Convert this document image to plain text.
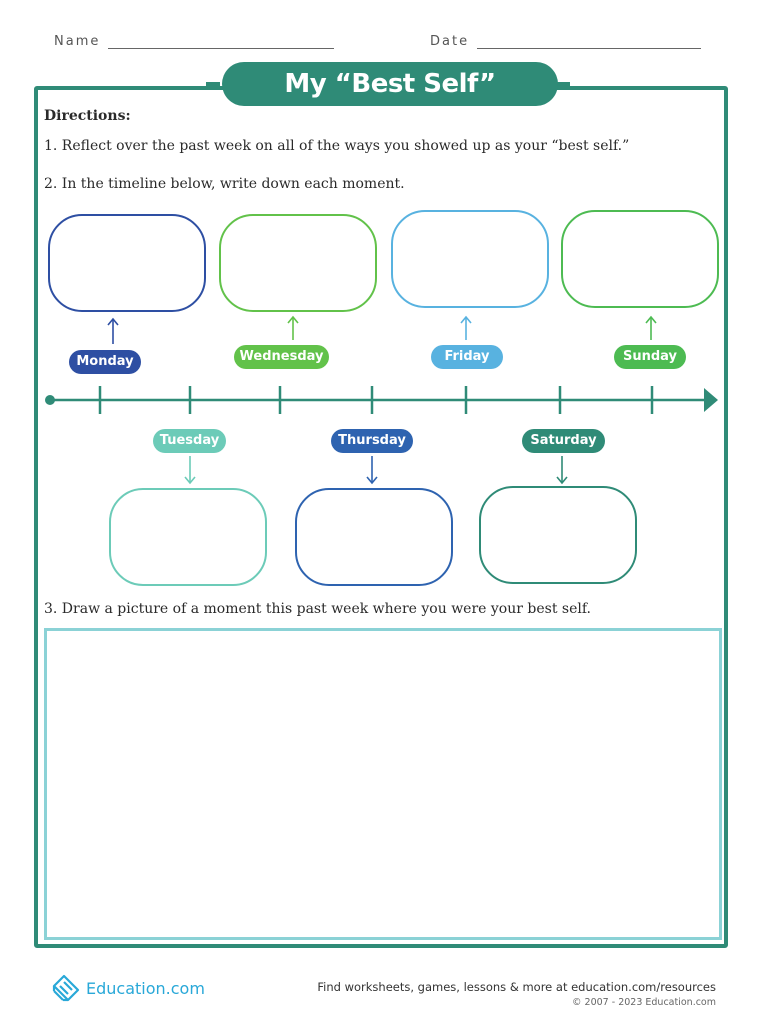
Name	Date
My “Best Self” Timeline
Directions:
1. Reflect over the past week on all of the ways you showed up as your “best self.”
2. In the timeline below, write down each moment.
Monday	Wednesday	Friday	Sunday
Tuesday	Thursday	Saturday
3. Draw a picture of a moment this past week where you were your best self.
Education.com	Find worksheets, games, lessons & more at education.com/resources
© 2007 - 2023 Education.com
